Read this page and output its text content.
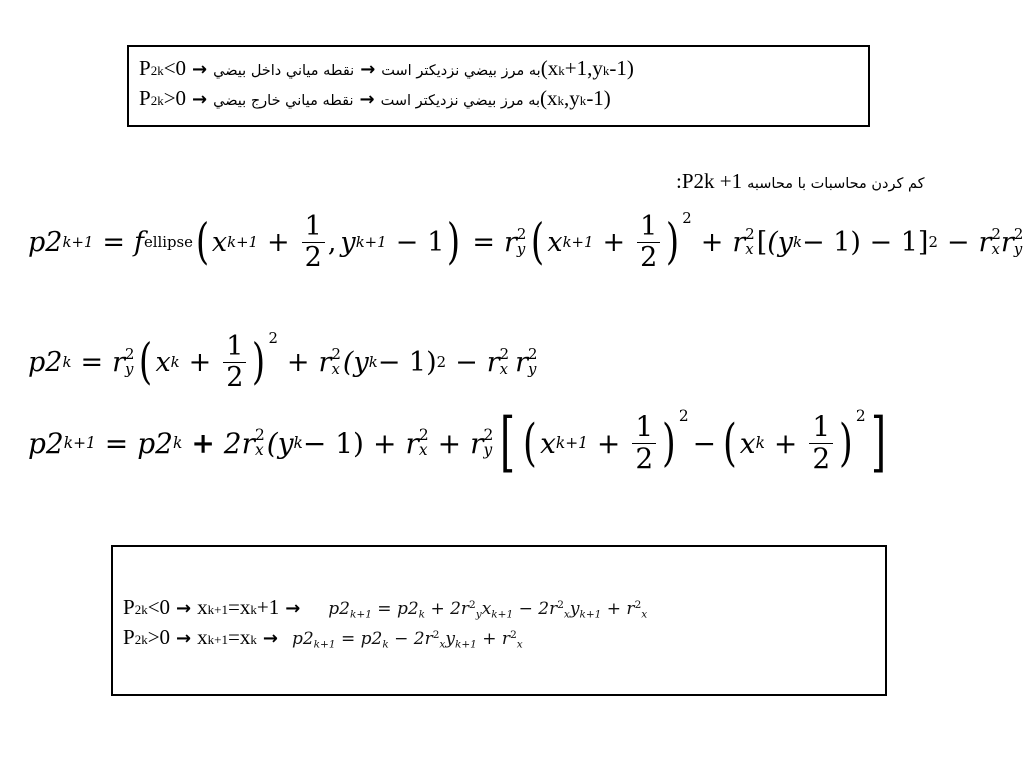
P 2k <0 → نقطه مياني داخل بيضي → به مرز بيضي نزديکتر است (x k +1,y k -1)
P 2k >0 → نقطه مياني خارج بيضي → به مرز بيضي نزديکتر است (x k ,y k -1)
: P 2k +1 کم کردن محاسبات با محاسبه
p2 k+1 = f ellipse ( x $k+1 + \frac{1}{2}$ , y k+1 − 1 ) = r 2
y ( x $k+1 + \frac{1}{2}$ ) 2
+ r 2
x [ (y k − 1) − 1] 2 − r 2
x r 2
y
p2 k = r 2
y ( x $k + \frac{1}{2}$ ) 2
+ r 2
x (y k − 1) 2 − r 2
x r 2
y
p2 k+1 = p2 k + 2r 2
x (y k − 1) + r 2
x + r 2
y [ ( x $k+1 + \frac{1}{2}$ ) 2
− ( x $k + \frac{1}{2}$ ) 2 ]
P 2k <0 → x k+1 =x $k +1 \to p2_{k+1} = p2_k + 2r^2_yx_{k+1} - 2r^2_xy_{k+1} + r^2_x$
P 2k >0 → x k+1 =x $k \to p2_{k+1} = p2_k - 2r^2_xy_{k+1} + r^2_x$
